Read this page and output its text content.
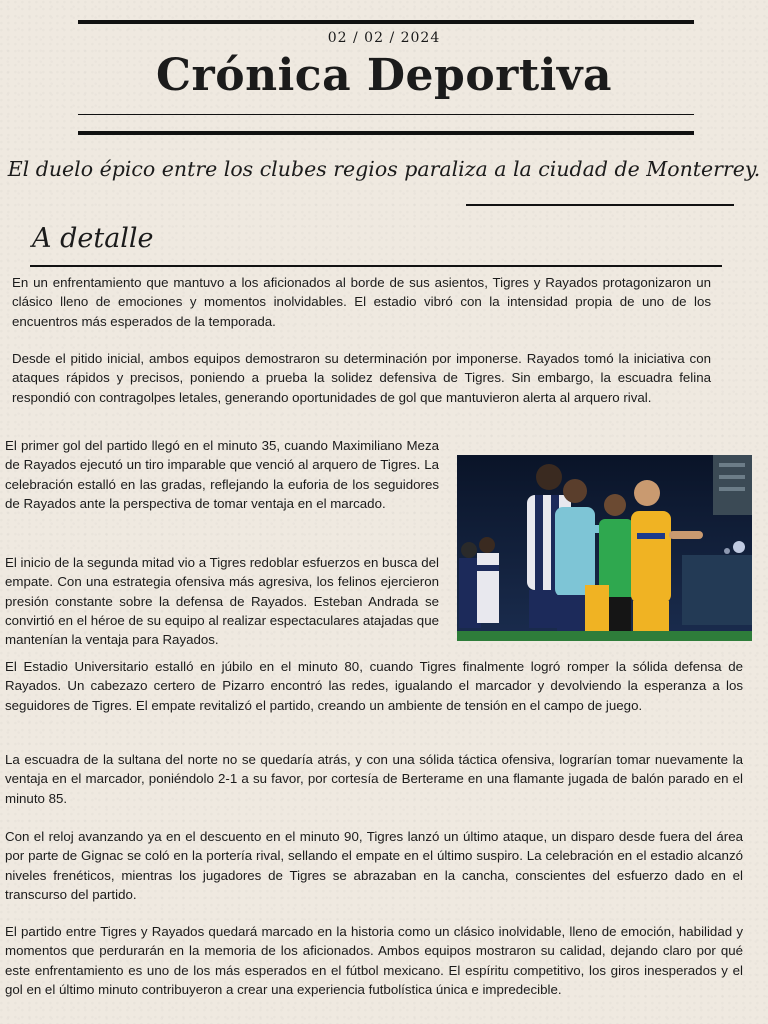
02 / 02 / 2024
Crónica Deportiva
El duelo épico entre los clubes regios paraliza a la ciudad de Monterrey.
A detalle

En un enfrentamiento que mantuvo a los aficionados al borde de sus asientos, Tigres y Rayados protagonizaron un clásico lleno de emociones y momentos inolvidables. El estadio vibró con la intensidad propia de uno de los encuentros más esperados de la temporada.

Desde el pitido inicial, ambos equipos demostraron su determinación por imponerse. Rayados tomó la iniciativa con ataques rápidos y precisos, poniendo a prueba la solidez defensiva de Tigres. Sin embargo, la escuadra felina respondió con contragolpes letales, generando oportunidades de gol que mantuvieron alerta al arquero rival.

El primer gol del partido llegó en el minuto 35, cuando Maximiliano Meza de Rayados ejecutó un tiro imparable que venció al arquero de Tigres. La celebración estalló en las gradas, reflejando la euforia de los seguidores de Rayados ante la perspectiva de tomar ventaja en el marcado.

El inicio de la segunda mitad vio a Tigres redoblar esfuerzos en busca del empate. Con una estrategia ofensiva más agresiva, los felinos ejercieron presión constante sobre la defensa de Rayados. Esteban Andrada se convirtió en el héroe de su equipo al realizar espectaculares atajadas que mantenían la ventaja para Rayados.

El Estadio Universitario estalló en júbilo en el minuto 80, cuando Tigres finalmente logró romper la sólida defensa de Rayados. Un cabezazo certero de Pizarro encontró las redes, igualando el marcador y devolviendo la esperanza a los seguidores de Tigres. El empate revitalizó el partido, creando un ambiente de tensión en el campo de juego.

La escuadra de la sultana del norte no se quedaría atrás, y con una sólida táctica ofensiva, lograrían tomar nuevamente la ventaja en el marcador, poniéndolo 2-1 a su favor, por cortesía de Berterame en una flamante jugada de balón parado en el minuto 85.

Con el reloj avanzando ya en el descuento en el minuto 90, Tigres lanzó un último ataque, un disparo desde fuera del área por parte de Gignac se coló en la portería rival, sellando el empate en el último suspiro. La celebración en el estadio alcanzó niveles frenéticos, mientras los jugadores de Tigres se abrazaban en la cancha, conscientes del esfuerzo dado en el transcurso del partido.

El partido entre Tigres y Rayados quedará marcado en la historia como un clásico inolvidable, lleno de emoción, habilidad y momentos que perdurarán en la memoria de los aficionados. Ambos equipos mostraron su calidad, dejando claro por qué este enfrentamiento es uno de los más esperados en el fútbol mexicano. El espíritu competitivo, los giros inesperados y el gol en el último minuto contribuyeron a crear una experiencia futbolística única e impredecible.
